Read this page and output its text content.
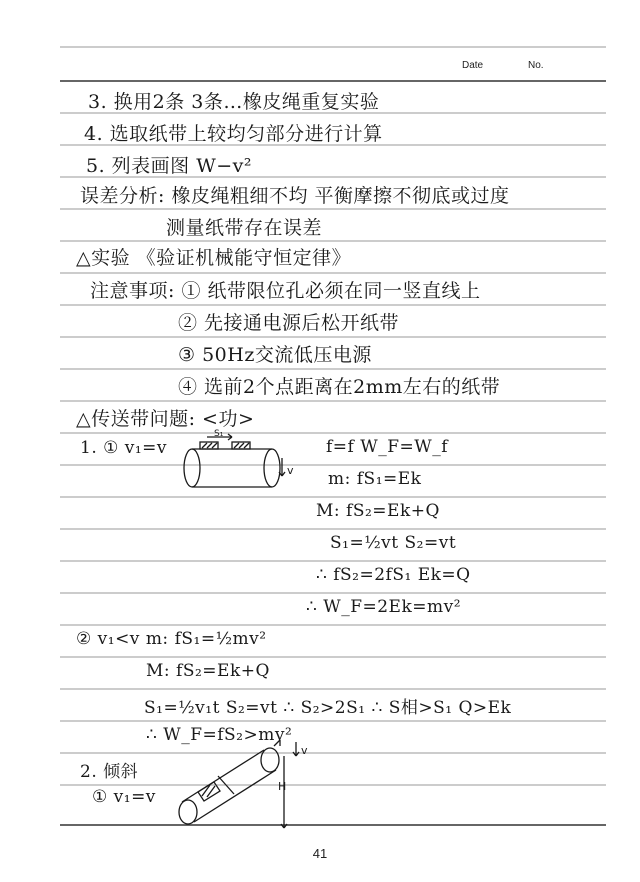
Date	No.
3. 换用2条 3条…橡皮绳重复实验
4. 选取纸带上较均匀部分进行计算
5. 列表画图 W−v²
误差分析: 橡皮绳粗细不均 平衡摩擦不彻底或过度
测量纸带存在误差
△实验 《验证机械能守恒定律》
注意事项: ① 纸带限位孔必须在同一竖直线上
② 先接通电源后松开纸带
③ 50Hz交流低压电源
④ 选前2个点距离在2mm左右的纸带
△传送带问题: <功>
1. ① v₁=v	f=f W_F=W_f
m: fS₁=Ek
M: fS₂=Ek+Q
S₁=½vt S₂=vt
∴ fS₂=2fS₁ Ek=Q
∴ W_F=2Ek=mv²
② v₁<v m: fS₁=½mv²
M: fS₂=Ek+Q
S₁=½v₁t S₂=vt ∴ S₂>2S₁ ∴ S相>S₁ Q>Ek
∴ W_F=fS₂>mv²
2. 倾斜
① v₁=v
S₁
v
v
H
41
